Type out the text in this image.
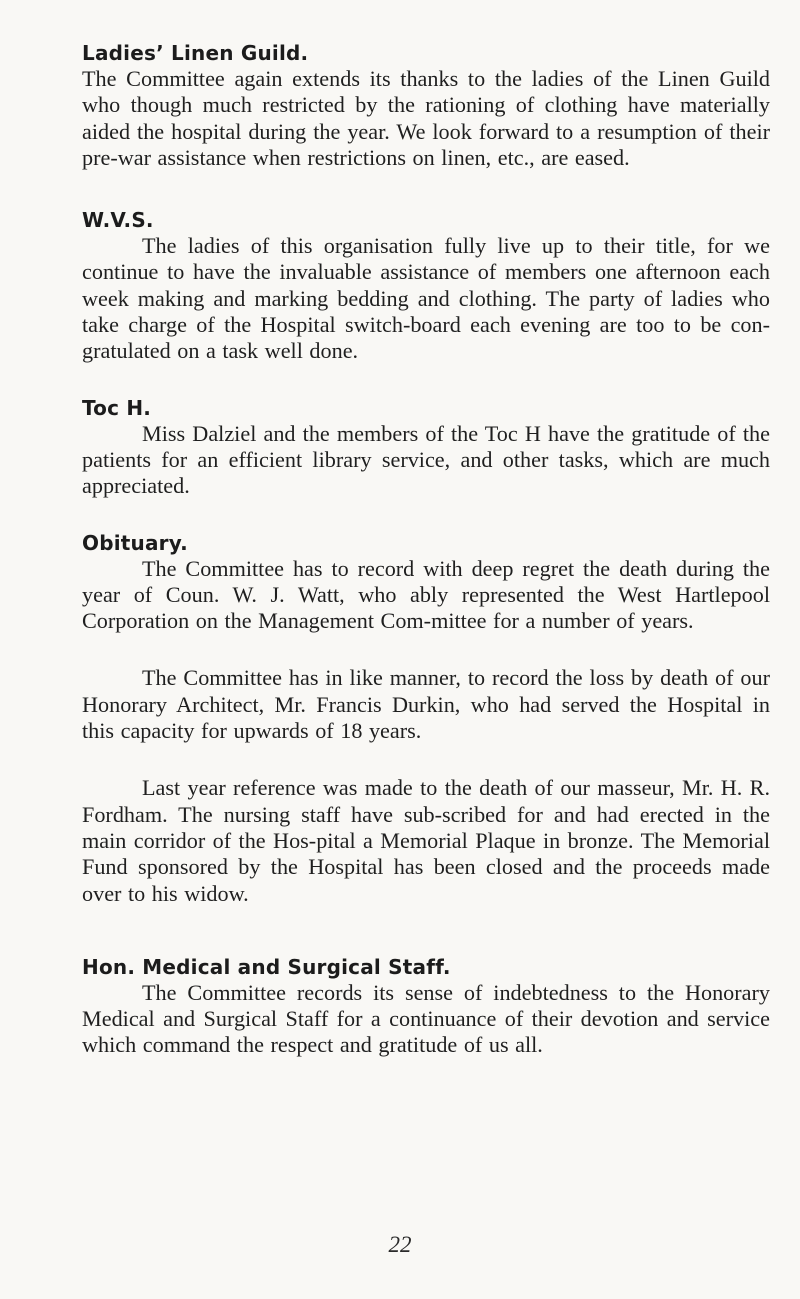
Ladies’ Linen Guild.

The Committee again extends its thanks to the ladies of the Linen Guild who though much restricted by the rationing of clothing have materially aided the hospital during the year. We look forward to a resumption of their pre-war assistance when restrictions on linen, etc., are eased.

W.V.S.

The ladies of this organisation fully live up to their title, for we continue to have the invaluable assistance of members one afternoon each week making and marking bedding and clothing. The party of ladies who take charge of the Hospital switch-board each evening are too to be con-gratulated on a task well done.

Toc H.

Miss Dalziel and the members of the Toc H have the gratitude of the patients for an efficient library service, and other tasks, which are much appreciated.

Obituary.

The Committee has to record with deep regret the death during the year of Coun. W. J. Watt, who ably represented the West Hartlepool Corporation on the Management Com-mittee for a number of years.

The Committee has in like manner, to record the loss by death of our Honorary Architect, Mr. Francis Durkin, who had served the Hospital in this capacity for upwards of 18 years.

Last year reference was made to the death of our masseur, Mr. H. R. Fordham. The nursing staff have sub-scribed for and had erected in the main corridor of the Hos-pital a Memorial Plaque in bronze. The Memorial Fund sponsored by the Hospital has been closed and the proceeds made over to his widow.

Hon. Medical and Surgical Staff.

The Committee records its sense of indebtedness to the Honorary Medical and Surgical Staff for a continuance of their devotion and service which command the respect and gratitude of us all.

22
